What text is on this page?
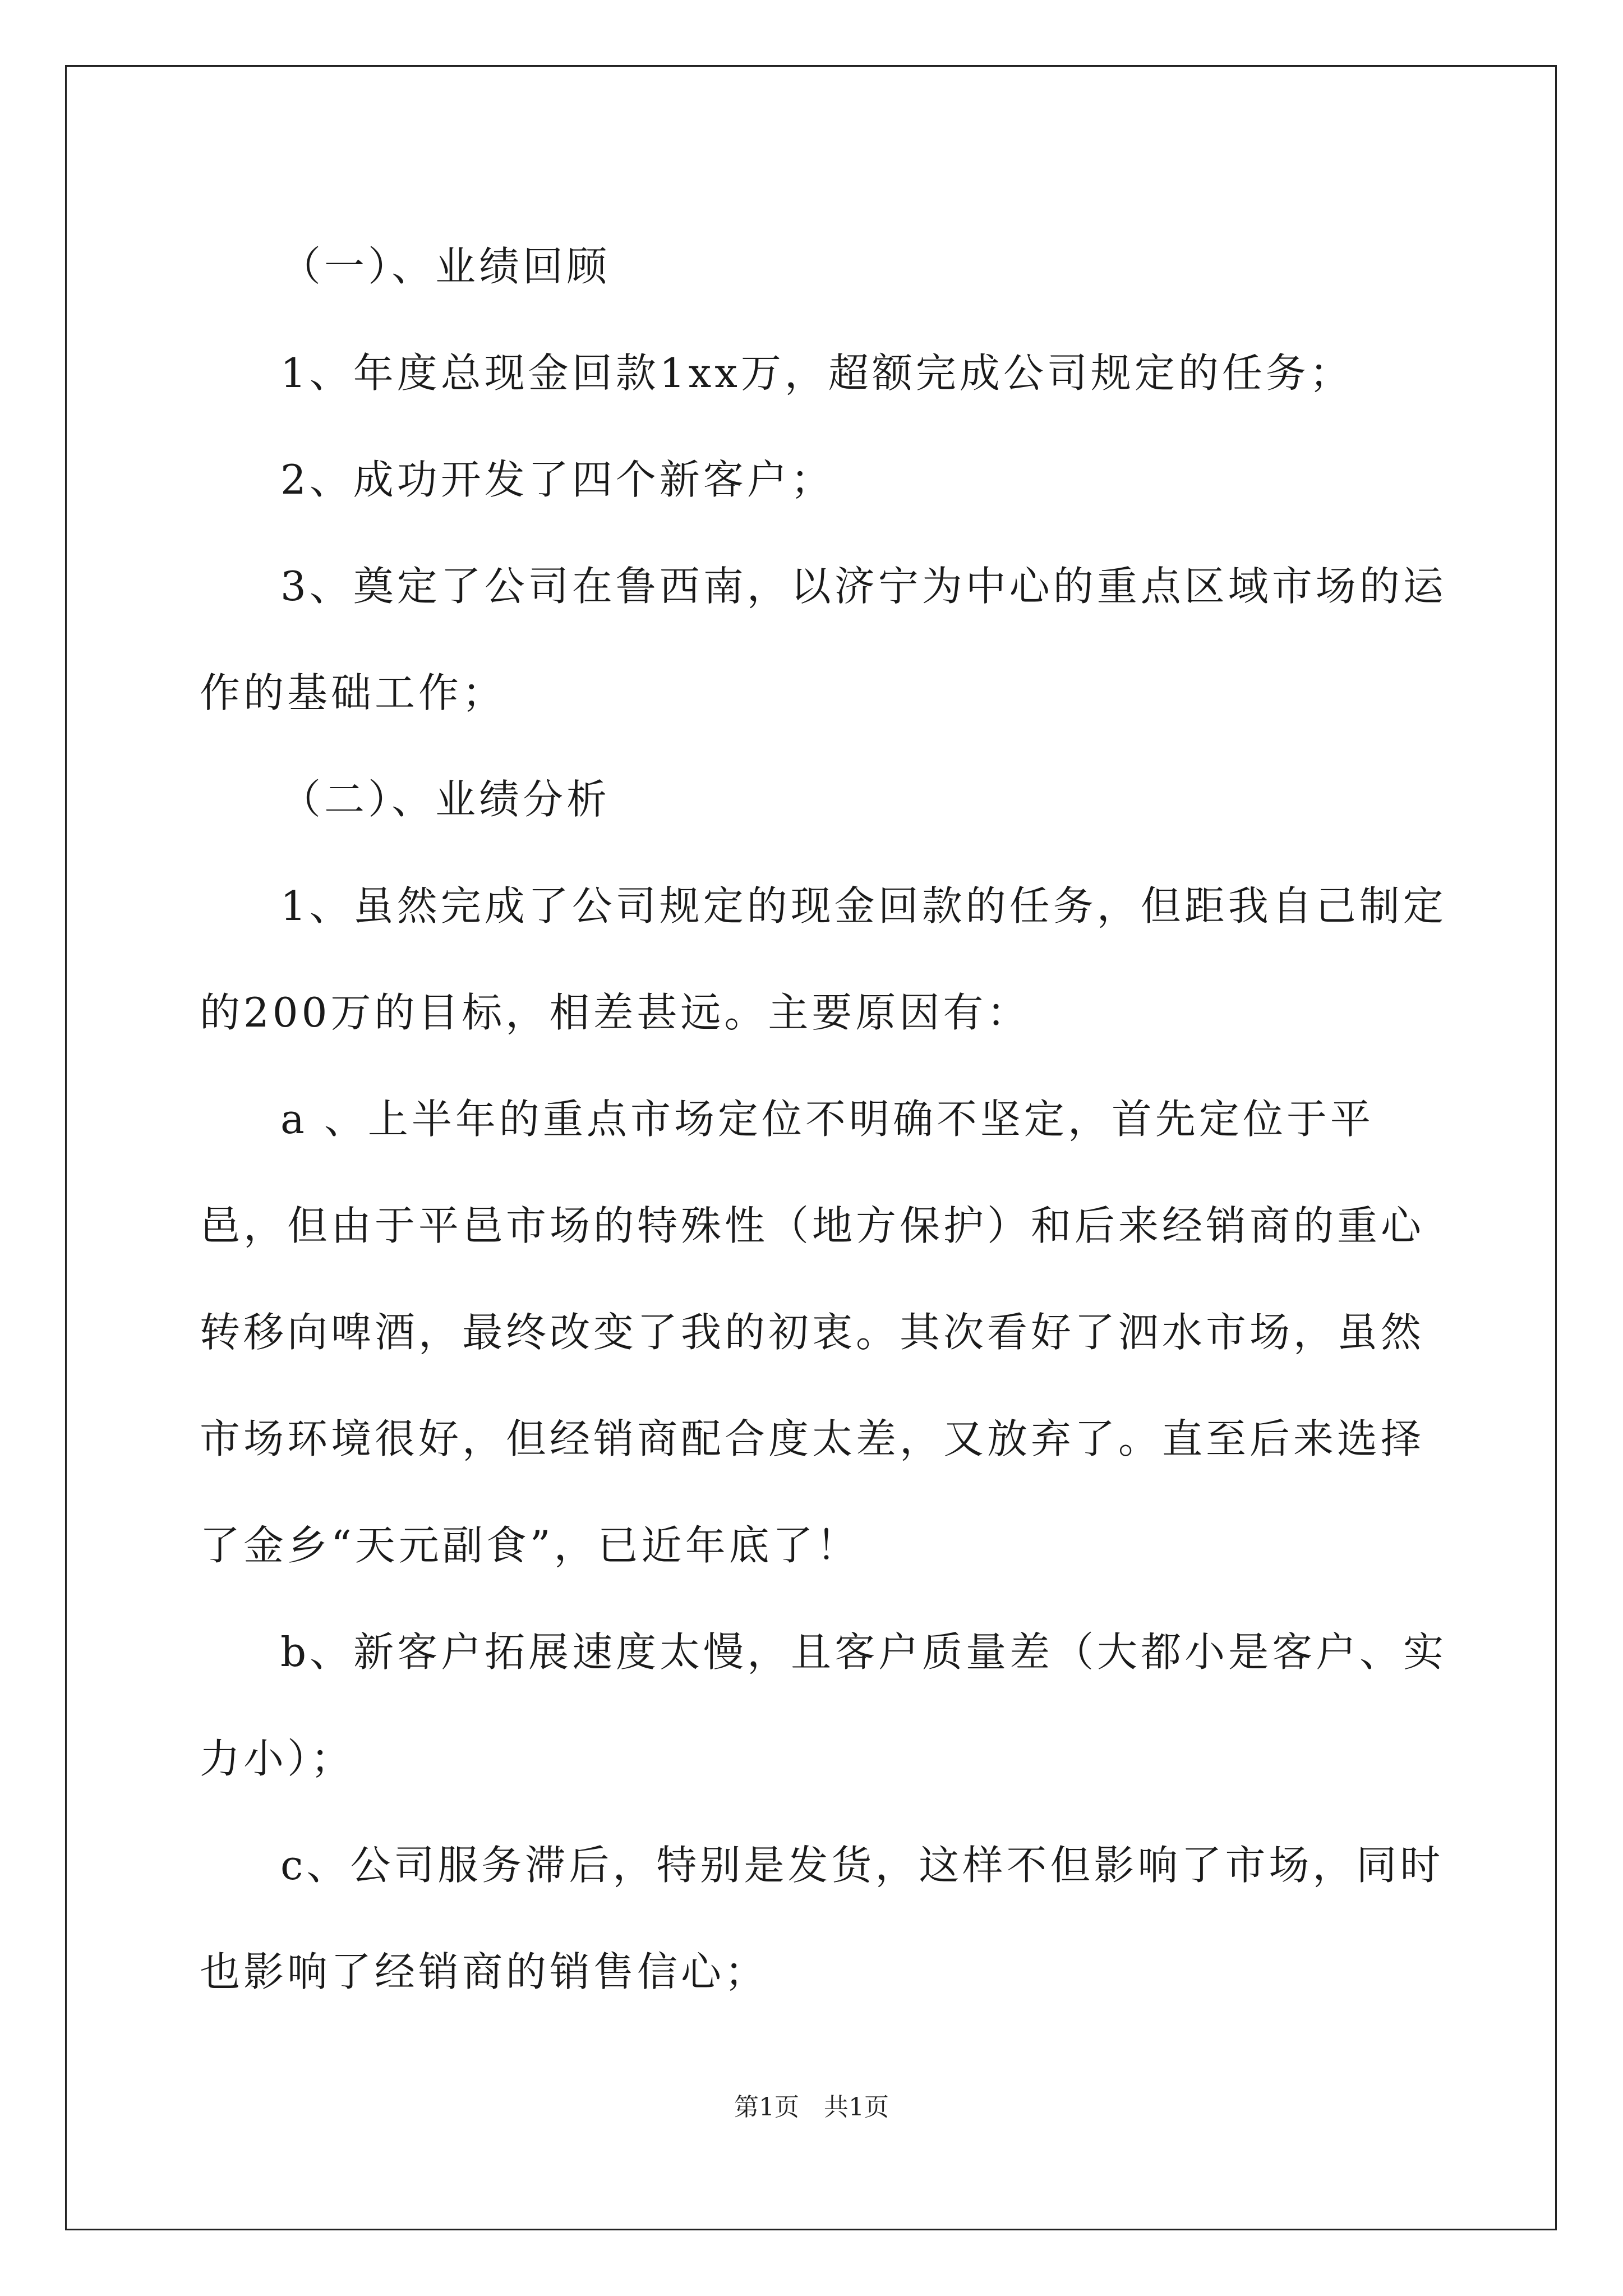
（一）、业绩回顾

1、年度总现金回款1xx万，超额完成公司规定的任务；

2、成功开发了四个新客户；

3、奠定了公司在鲁西南，以济宁为中心的重点区域市场的运作的基础工作；

（二）、业绩分析

1、虽然完成了公司规定的现金回款的任务，但距我自己制定的200万的目标，相差甚远。主要原因有：

a 、上半年的重点市场定位不明确不坚定，首先定位于平邑，但由于平邑市场的特殊性（地方保护）和后来经销商的重心转移向啤酒，最终改变了我的初衷。其次看好了泗水市场，虽然市场环境很好，但经销商配合度太差，又放弃了。直至后来选择了金乡“天元副食”，已近年底了！

b、新客户拓展速度太慢，且客户质量差（大都小是客户、实力小）；

c、公司服务滞后，特别是发货，这样不但影响了市场，同时也影响了经销商的销售信心；

第1页　共1页
